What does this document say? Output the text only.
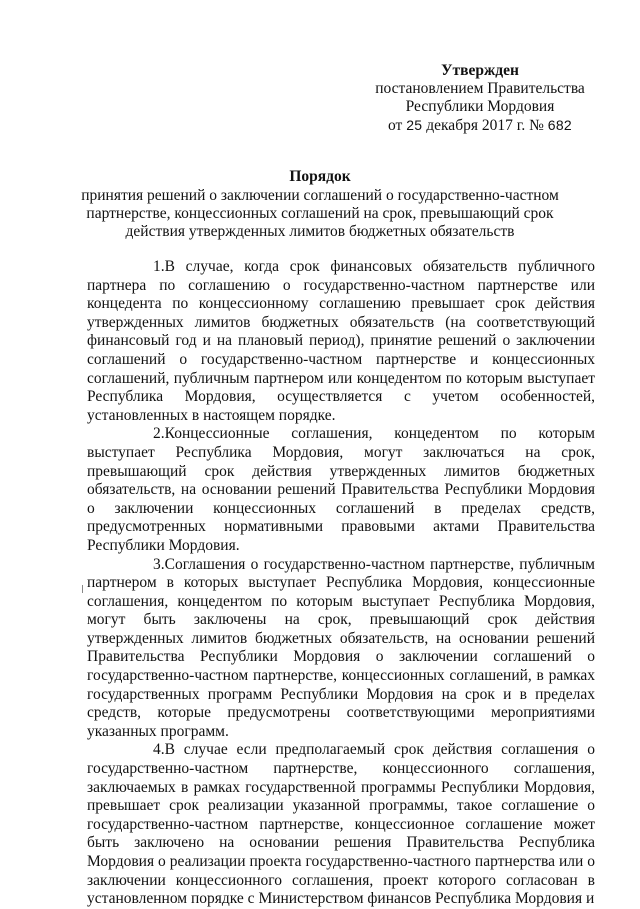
Утвержден
постановлением Правительства
Республики Мордовия
от 25 декабря 2017 г. № 682
Порядок
принятия решений о заключении соглашений о государственно-частном
партнерстве, концессионных соглашений на срок, превышающий срок
действия утвержденных лимитов бюджетных обязательств

1.В случае, когда срок финансовых обязательств публичного партнера по соглашению о государственно-частном партнерстве или концедента по концессионному соглашению превышает срок действия утвержденных лимитов бюджетных обязательств (на соответствующий финансовый год и на плановый период), принятие решений о заключении соглашений о государственно-частном партнерстве и концессионных соглашений, публичным партнером или концедентом по которым выступает Республика Мордовия, осуществляется с учетом особенностей, установленных в настоящем порядке.

2.Концессионные соглашения, концедентом по которым выступает Республика Мордовия, могут заключаться на срок, превышающий срок действия утвержденных лимитов бюджетных обязательств, на основании решений Правительства Республики Мордовия о заключении концессионных соглашений в пределах средств, предусмотренных нормативными правовыми актами Правительства Республики Мордовия.

3.Соглашения о государственно-частном партнерстве, публичным партнером в которых выступает Республика Мордовия, концессионные соглашения, концедентом по которым выступает Республика Мордовия, могут быть заключены на срок, превышающий срок действия утвержденных лимитов бюджетных обязательств, на основании решений Правительства Республики Мордовия о заключении соглашений о государственно-частном партнерстве, концессионных соглашений, в рамках государственных программ Республики Мордовия на срок и в пределах средств, которые предусмотрены соответствующими мероприятиями указанных программ.

4.В случае если предполагаемый срок действия соглашения о государственно-частном партнерстве, концессионного соглашения, заключаемых в рамках государственной программы Республики Мордовия, превышает срок реализации указанной программы, такое соглашение о государственно-частном партнерстве, концессионное соглашение может быть заключено на основании решения Правительства Республика Мордовия о реализации проекта государственно-частного партнерства или о заключении концессионного соглашения, проект которого согласован в установленном порядке с Министерством финансов Республика Мордовия и
